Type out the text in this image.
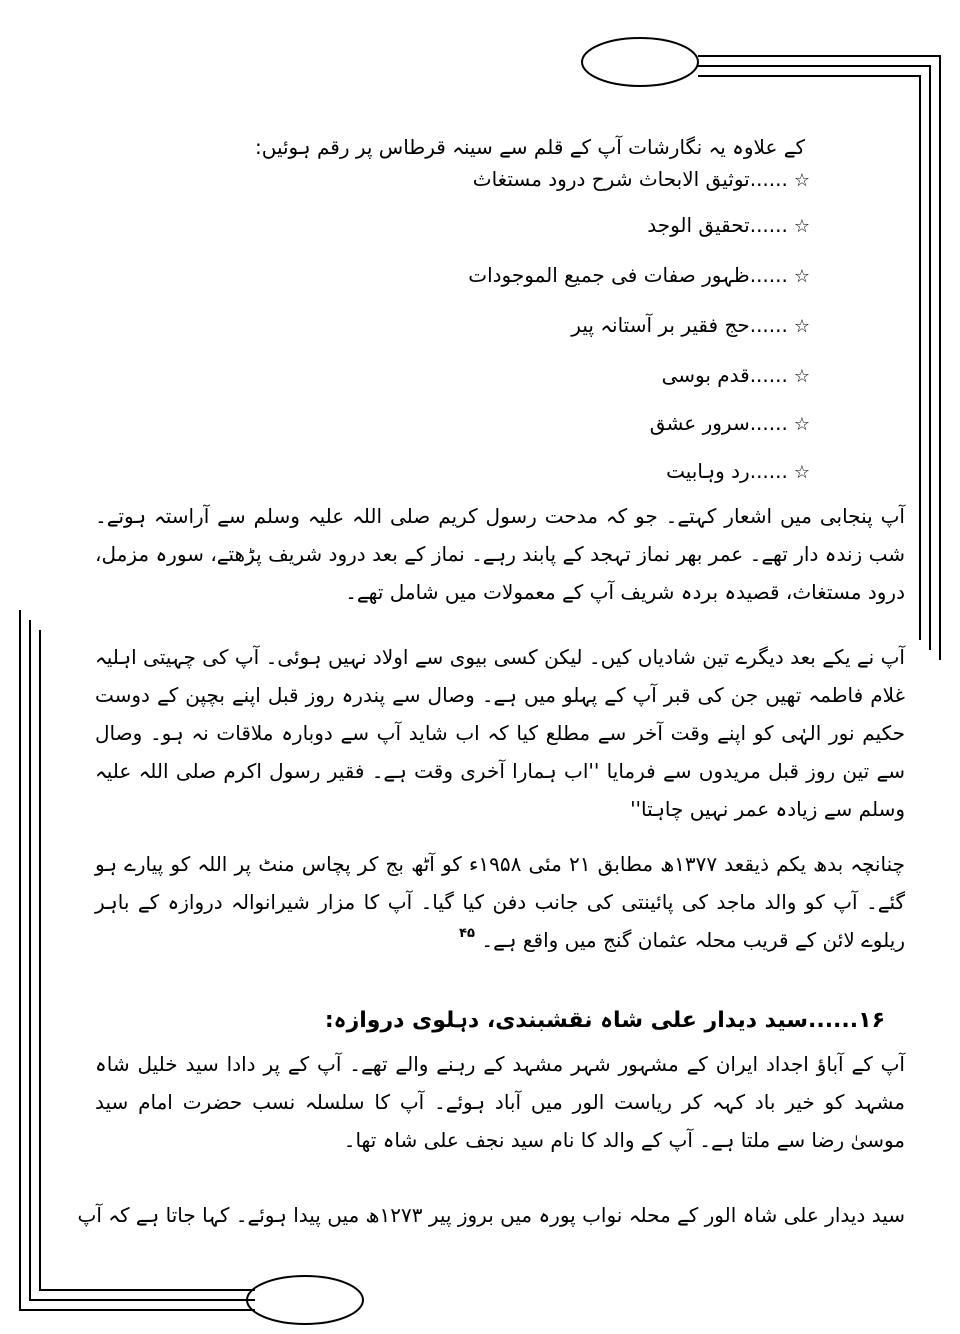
کے علاوہ یہ نگارشات آپ کے قلم سے سینہ قرطاس پر رقم ہوئیں:
☆......توثیق الابحاث شرح درود مستغاث
☆......تحقیق الوجد
☆......ظہور صفات فی جمیع الموجودات
☆......حج فقیر بر آستانہ پیر
☆......قدم بوسی
☆......سرور عشق
☆......رد وہابیت
آپ پنجابی میں اشعار کہتے۔ جو کہ مدحت رسول کریم صلی اللہ علیہ وسلم سے آراستہ ہوتے۔ شب زندہ دار تھے۔ عمر بھر نماز تہجد کے پابند رہے۔ نماز کے بعد درود شریف پڑھتے، سورہ مزمل، درود مستغاث، قصیدہ بردہ شریف آپ کے معمولات میں شامل تھے۔
آپ نے یکے بعد دیگرے تین شادیاں کیں۔ لیکن کسی بیوی سے اولاد نہیں ہوئی۔ آپ کی چہیتی اہلیہ غلام فاطمہ تھیں جن کی قبر آپ کے پہلو میں ہے۔ وصال سے پندرہ روز قبل اپنے بچپن کے دوست حکیم نور الہٰی کو اپنے وقت آخر سے مطلع کیا کہ اب شاید آپ سے دوبارہ ملاقات نہ ہو۔ وصال سے تین روز قبل مریدوں سے فرمایا ''اب ہمارا آخری وقت ہے۔ فقیر رسول اکرم صلی اللہ علیہ وسلم سے زیادہ عمر نہیں چاہتا''
چنانچہ بدھ یکم ذیقعد ۱۳۷۷ھ مطابق ۲۱ مئی ۱۹۵۸ء کو آٹھ بج کر پچاس منٹ پر اللہ کو پیارے ہو گئے۔ آپ کو والد ماجد کی پائینتی کی جانب دفن کیا گیا۔ آپ کا مزار شیرانوالہ دروازہ کے باہر ریلوے لائن کے قریب محلہ عثمان گنج میں واقع ہے۔ $^{۴۵}$
۱۶......سید دیدار علی شاہ نقشبندی، دہلوی دروازہ:
آپ کے آباؤ اجداد ایران کے مشہور شہر مشہد کے رہنے والے تھے۔ آپ کے پر دادا سید خلیل شاہ مشہد کو خیر باد کہہ کر ریاست الور میں آباد ہوئے۔ آپ کا سلسلہ نسب حضرت امام سید موسیٰ رضا سے ملتا ہے۔ آپ کے والد کا نام سید نجف علی شاہ تھا۔
سید دیدار علی شاہ الور کے محلہ نواب پورہ میں بروز پیر ۱۲۷۳ھ میں پیدا ہوئے۔ کہا جاتا ہے کہ آپ
